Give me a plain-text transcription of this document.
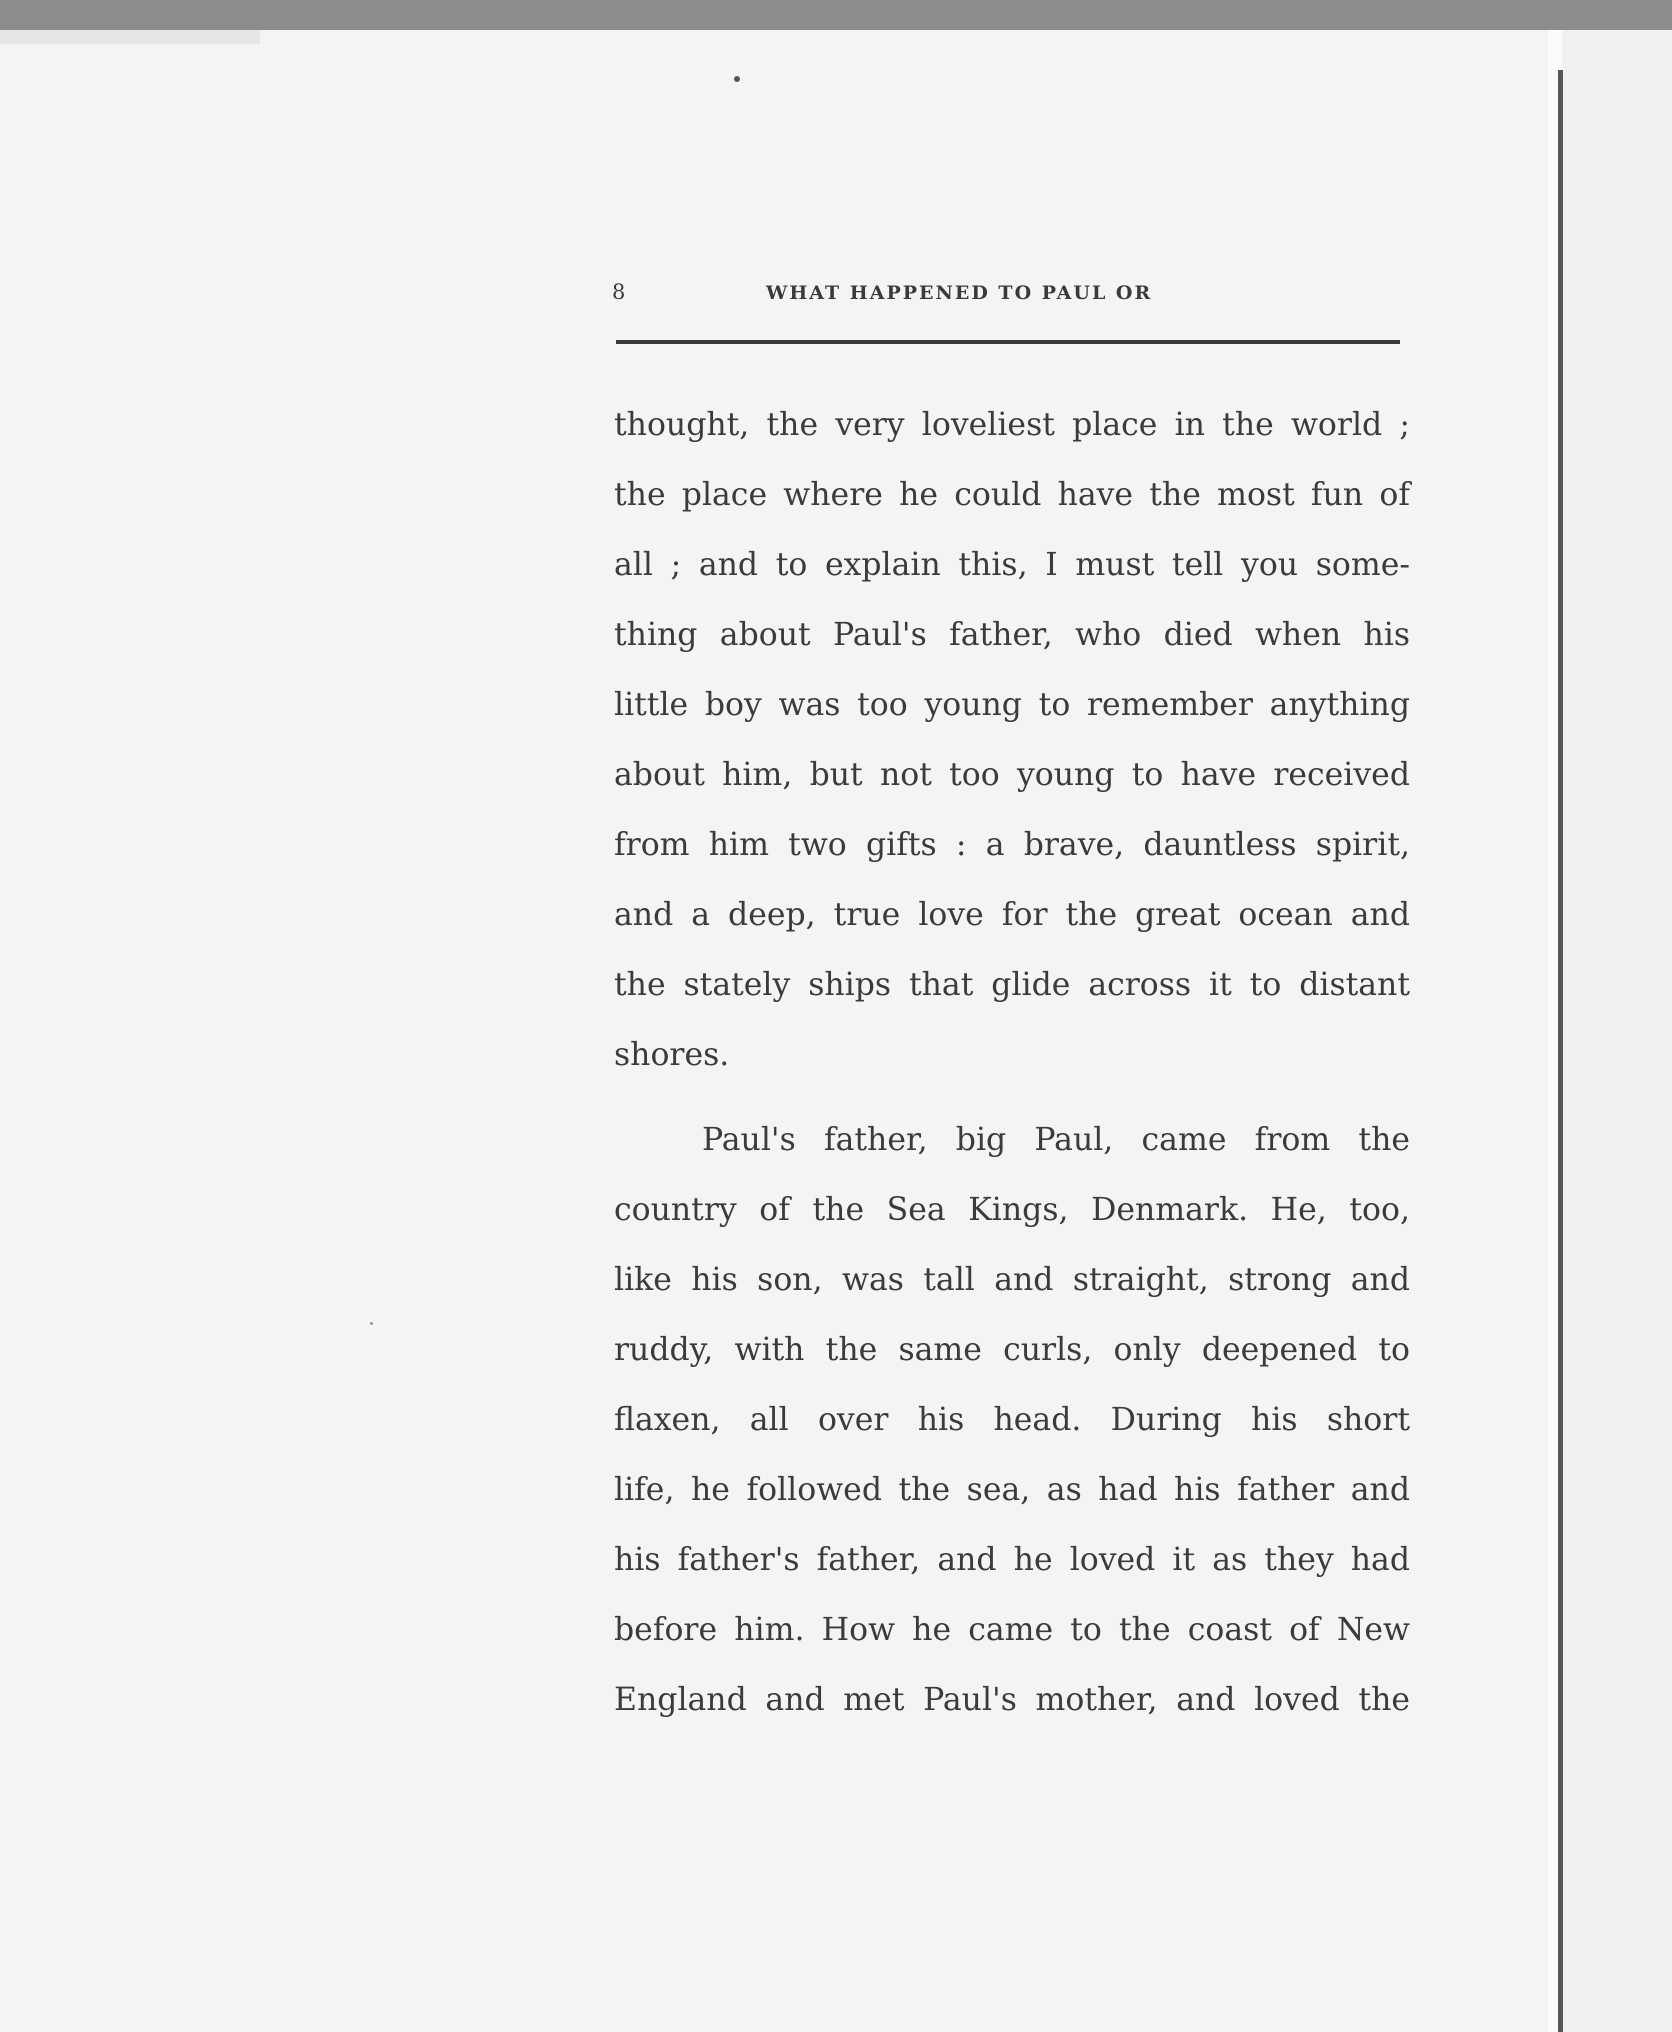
8	WHAT HAPPENED TO PAUL OR
thought, the very loveliest place in the world ;
the place where he could have the most fun of
all ; and to explain this, I must tell you some-
thing about Paul's father, who died when his
little boy was too young to remember anything
about him, but not too young to have received
from him two gifts : a brave, dauntless spirit,
and a deep, true love for the great ocean and
the stately ships that glide across it to distant
shores.
Paul's father, big Paul, came from the
country of the Sea Kings, Denmark. He, too,
like his son, was tall and straight, strong and
ruddy, with the same curls, only deepened to
flaxen, all over his head. During his short
life, he followed the sea, as had his father and
his father's father, and he loved it as they had
before him. How he came to the coast of New
England and met Paul's mother, and loved the
